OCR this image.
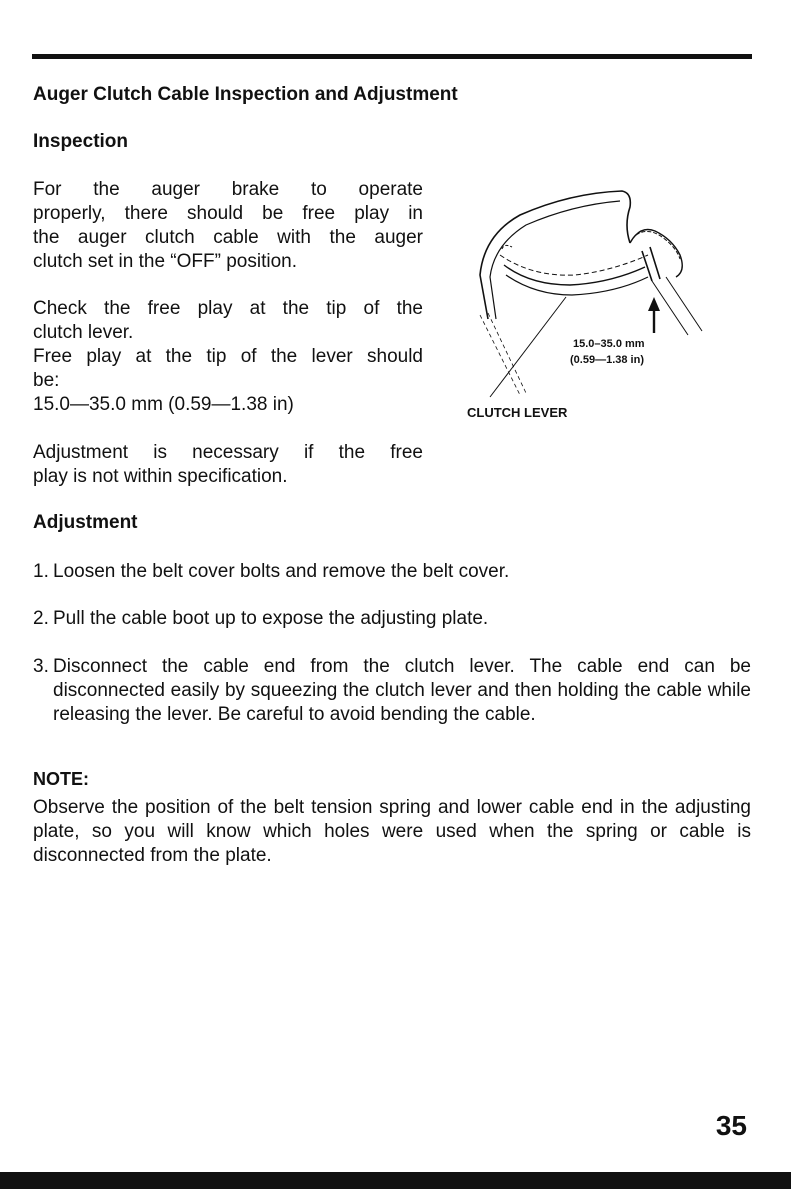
Auger Clutch Cable Inspection and Adjustment
Inspection
For the auger brake to operate
properly, there should be free play in
the auger clutch cable with the auger
clutch set in the “OFF” position.
Check the free play at the tip of the
clutch lever.
Free play at the tip of the lever should
be:
15.0—35.0 mm (0.59—1.38 in)
Adjustment is necessary if the free
play is not within specification.
15.0–35.0 mm
(0.59—1.38 in)
CLUTCH LEVER
Adjustment
1. Loosen the belt cover bolts and remove the belt cover.
2. Pull the cable boot up to expose the adjusting plate.
3. Disconnect the cable end from the clutch lever. The cable end can be disconnected easily by squeezing the clutch lever and then holding the cable while releasing the lever. Be careful to avoid bending the cable.
NOTE:
Observe the position of the belt tension spring and lower cable end in the adjusting plate, so you will know which holes were used when the spring or cable is disconnected from the plate.
35
